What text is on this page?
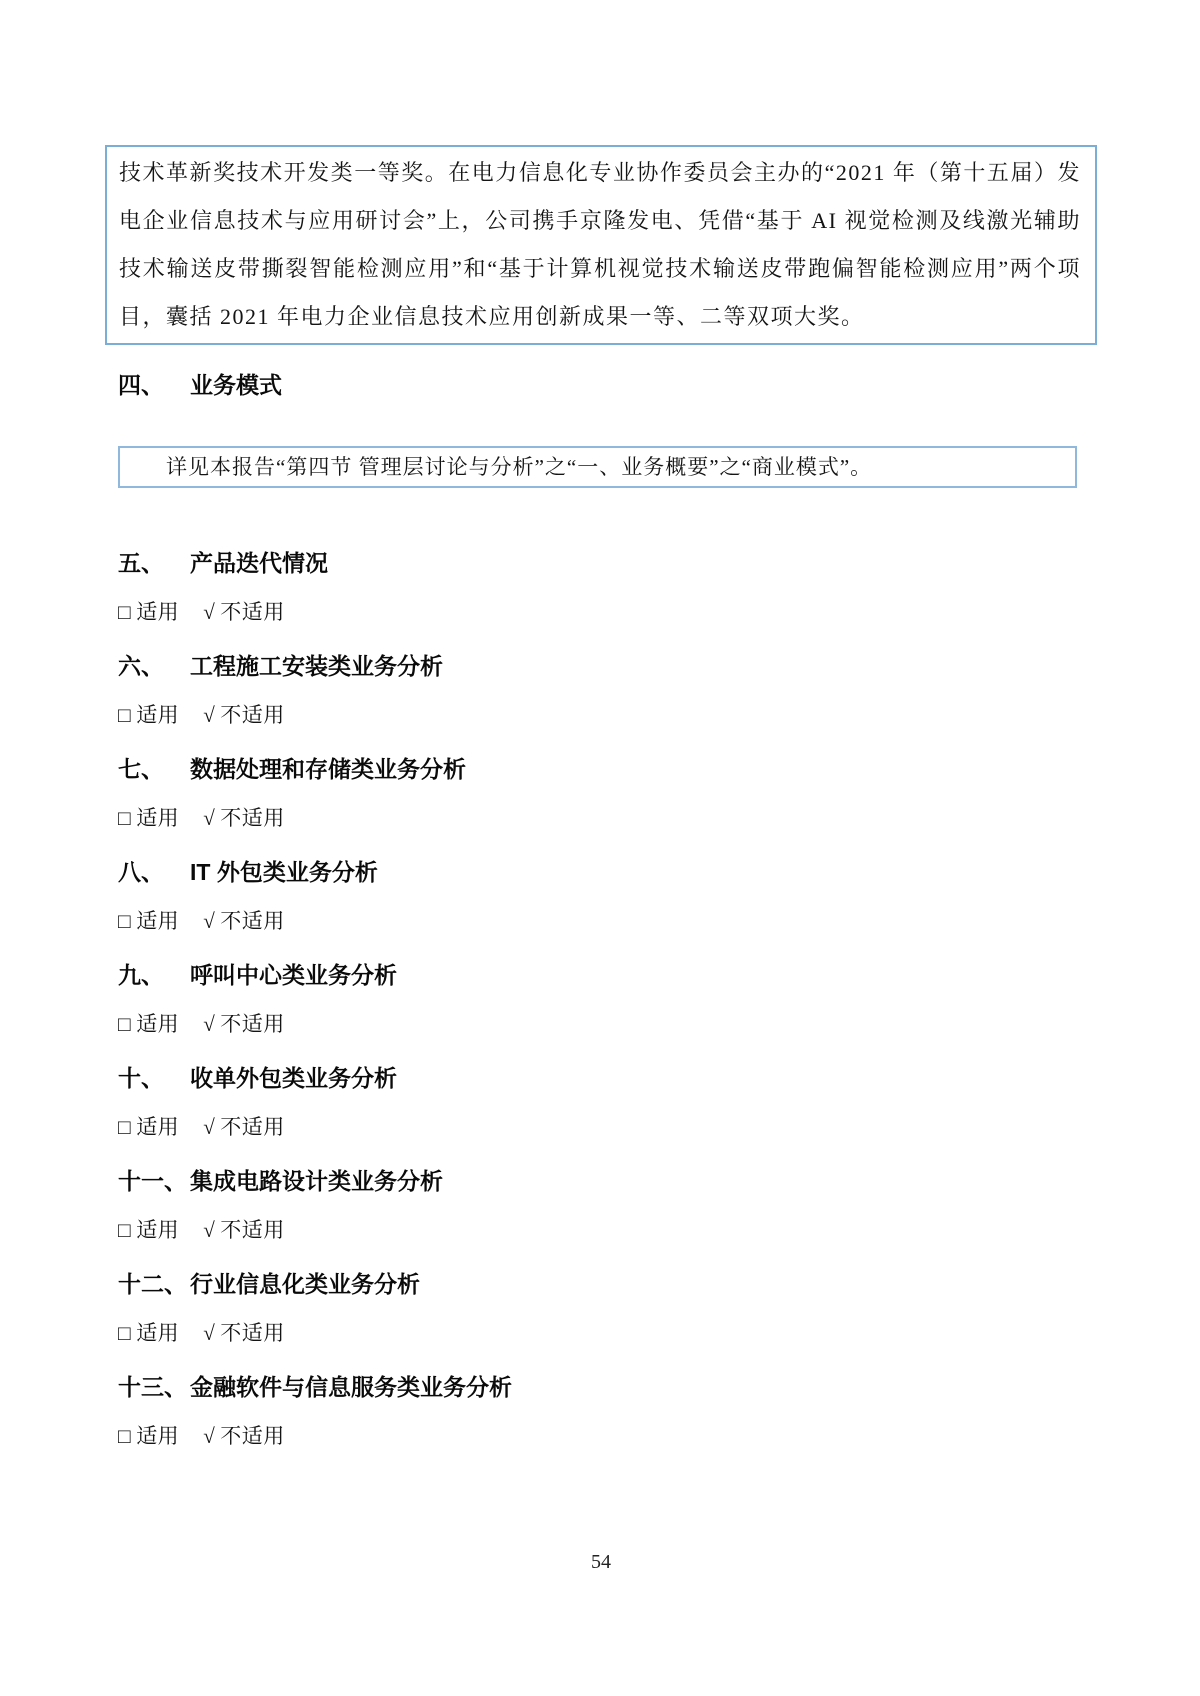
技术革新奖技术开发类一等奖。在电力信息化专业协作委员会主办的“2021 年（第十五届）发电企业信息技术与应用研讨会”上，公司携手京隆发电、凭借“基于 AI 视觉检测及线激光辅助技术输送皮带撕裂智能检测应用”和“基于计算机视觉技术输送皮带跑偏智能检测应用”两个项目，囊括 2021 年电力企业信息技术应用创新成果一等、二等双项大奖。
四、	业务模式
详见本报告“第四节 管理层讨论与分析”之“一、业务概要”之“商业模式”。
五、	产品迭代情况
□ 适用 √ 不适用
六、	工程施工安装类业务分析
□ 适用 √ 不适用
七、	数据处理和存储类业务分析
□ 适用 √ 不适用
八、	IT 外包类业务分析
□ 适用 √ 不适用
九、	呼叫中心类业务分析
□ 适用 √ 不适用
十、	收单外包类业务分析
□ 适用 √ 不适用
十一、 集成电路设计类业务分析
□ 适用 √ 不适用
十二、 行业信息化类业务分析
□ 适用 √ 不适用
十三、 金融软件与信息服务类业务分析
□ 适用 √ 不适用
54
